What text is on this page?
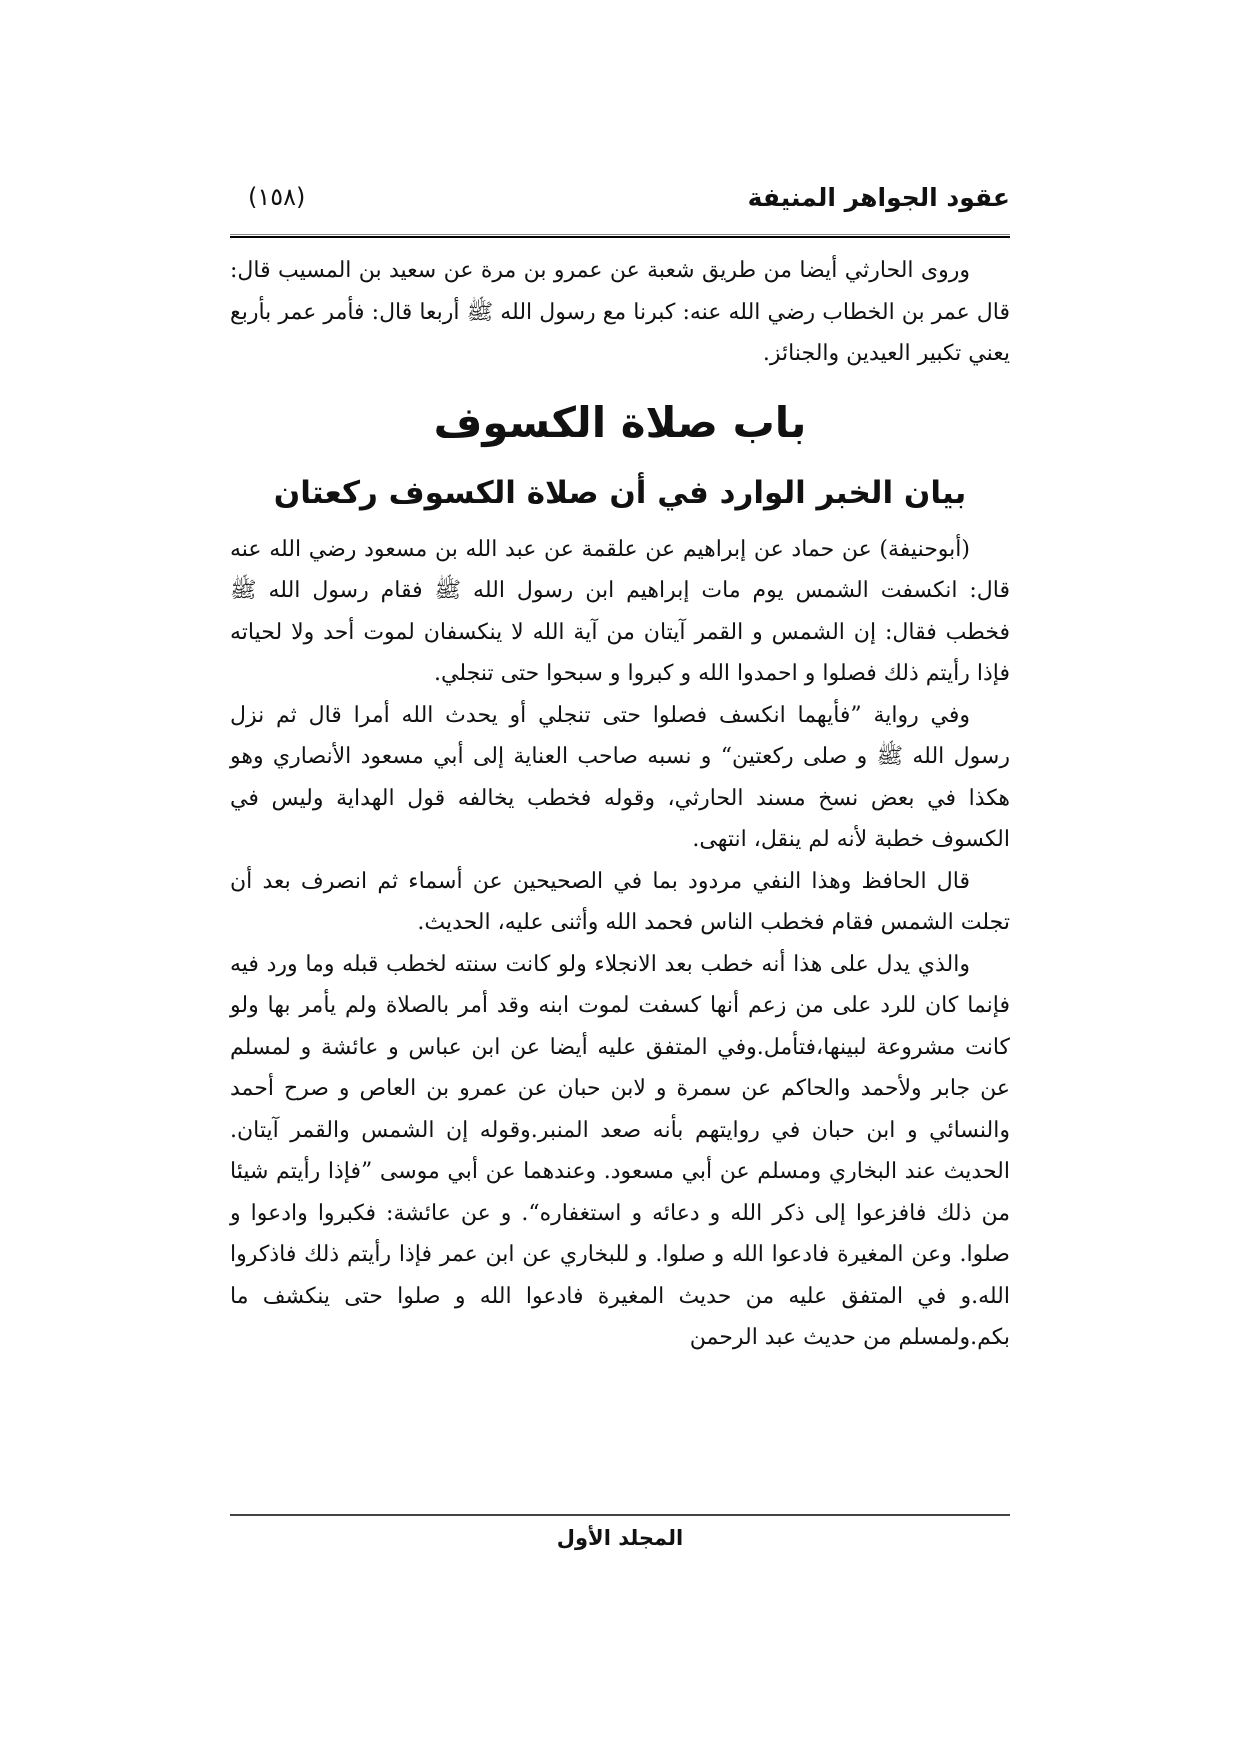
عقود الجواهر المنيفة
(١٥٨)

وروى الحارثي أيضا من طريق شعبة عن عمرو بن مرة عن سعيد بن المسيب قال: قال عمر بن الخطاب رضي الله عنه: كبرنا مع رسول الله ﷺ أربعا قال: فأمر عمر بأربع يعني تكبير العيدين والجنائز.

باب صلاة الكسوف
بيان الخبر الوارد في أن صلاة الكسوف ركعتان

(أبوحنيفة) عن حماد عن إبراهيم عن علقمة عن عبد الله بن مسعود رضي الله عنه قال: انكسفت الشمس يوم مات إبراهيم ابن رسول الله ﷺ فقام رسول الله ﷺ فخطب فقال: إن الشمس و القمر آيتان من آية الله لا ينكسفان لموت أحد ولا لحياته فإذا رأيتم ذلك فصلوا و احمدوا الله و كبروا و سبحوا حتى تنجلي.

وفي رواية ”فأيهما انكسف فصلوا حتى تنجلي أو يحدث الله أمرا قال ثم نزل رسول الله ﷺ و صلى ركعتين“ و نسبه صاحب العناية إلى أبي مسعود الأنصاري وهو هكذا في بعض نسخ مسند الحارثي، وقوله فخطب يخالفه قول الهداية وليس في الكسوف خطبة لأنه لم ينقل، انتهى.

قال الحافظ وهذا النفي مردود بما في الصحيحين عن أسماء ثم انصرف بعد أن تجلت الشمس فقام فخطب الناس فحمد الله وأثنى عليه، الحديث.

والذي يدل على هذا أنه خطب بعد الانجلاء ولو كانت سنته لخطب قبله وما ورد فيه فإنما كان للرد على من زعم أنها كسفت لموت ابنه وقد أمر بالصلاة ولم يأمر بها ولو كانت مشروعة لبينها،فتأمل.وفي المتفق عليه أيضا عن ابن عباس و عائشة و لمسلم عن جابر ولأحمد والحاكم عن سمرة و لابن حبان عن عمرو بن العاص و صرح أحمد والنسائي و ابن حبان في روايتهم بأنه صعد المنبر.وقوله إن الشمس والقمر آيتان. الحديث عند البخاري ومسلم عن أبي مسعود. وعندهما عن أبي موسى ”فإذا رأيتم شيئا من ذلك فافزعوا إلى ذكر الله و دعائه و استغفاره“. و عن عائشة: فكبروا وادعوا و صلوا. وعن المغيرة فادعوا الله و صلوا. و للبخاري عن ابن عمر فإذا رأيتم ذلك فاذكروا الله.و في المتفق عليه من حديث المغيرة فادعوا الله و صلوا حتى ينكشف ما بكم.ولمسلم من حديث عبد الرحمن

المجلد الأول
